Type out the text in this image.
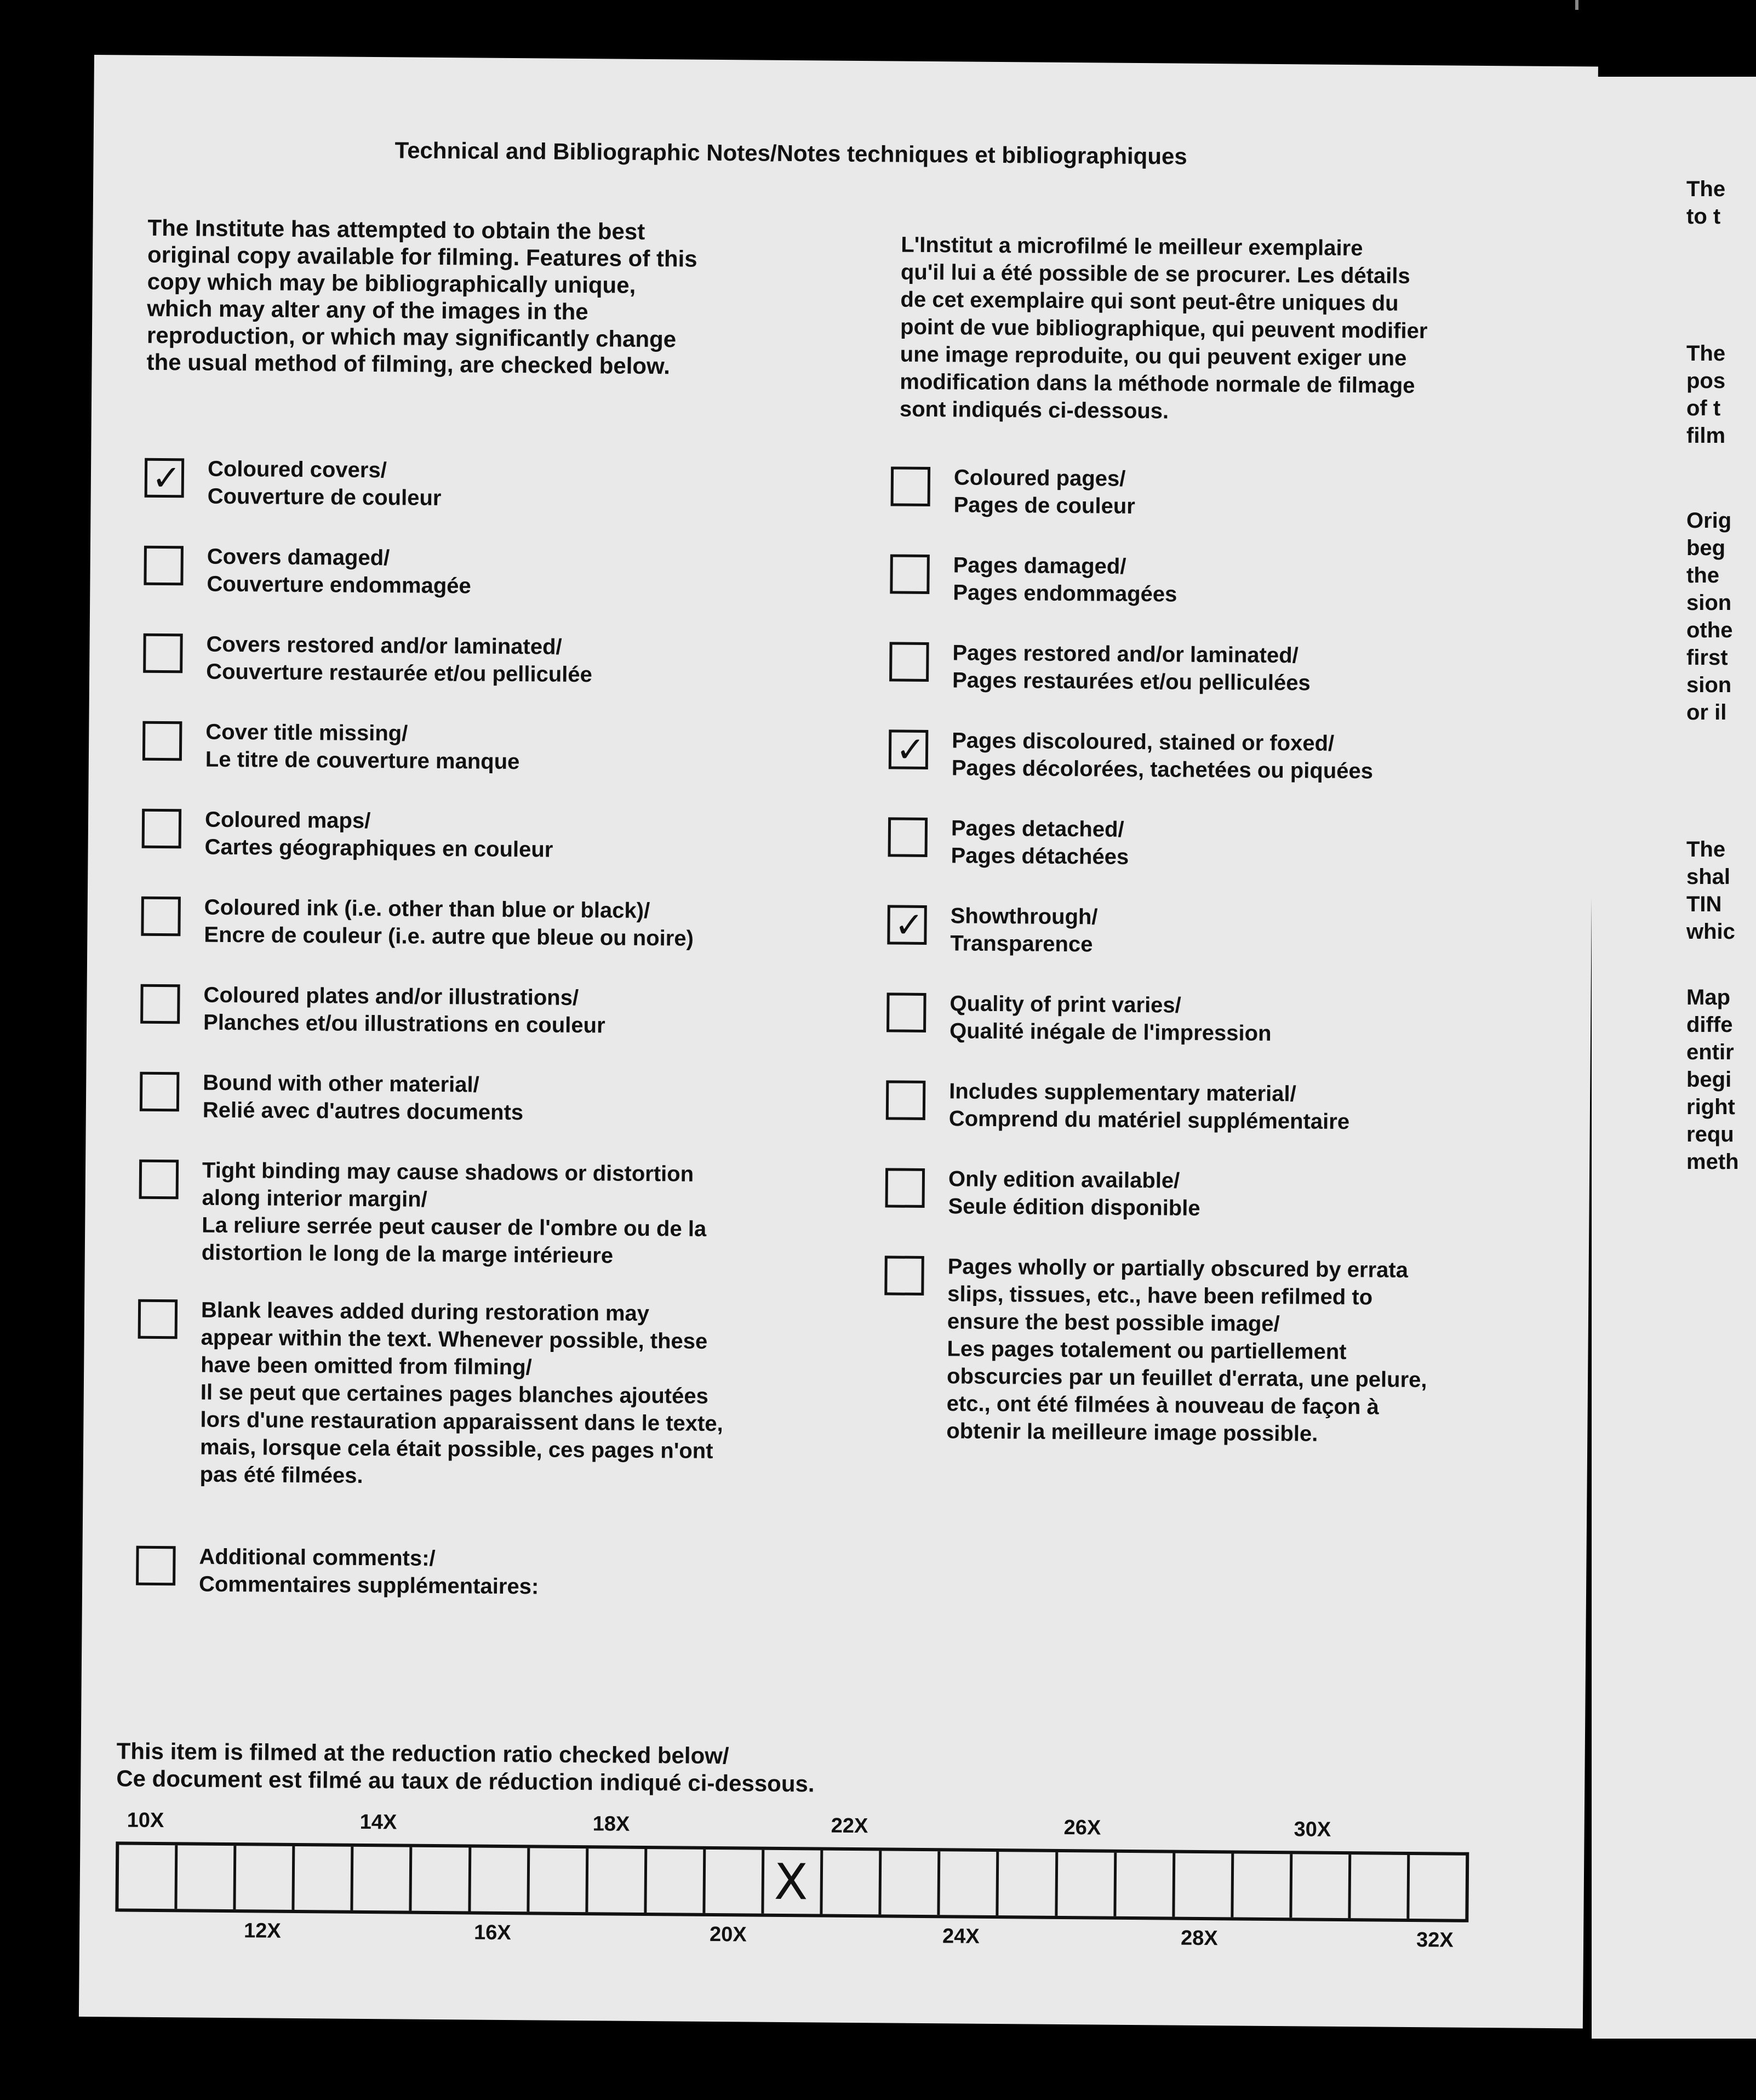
Technical and Bibliographic Notes/Notes techniques et bibliographiques
The Institute has attempted to obtain the best
original copy available for filming. Features of this
copy which may be bibliographically unique,
which may alter any of the images in the
reproduction, or which may significantly change
the usual method of filming, are checked below.
L'Institut a microfilmé le meilleur exemplaire
qu'il lui a été possible de se procurer. Les détails
de cet exemplaire qui sont peut-être uniques du
point de vue bibliographique, qui peuvent modifier
une image reproduite, ou qui peuvent exiger une
modification dans la méthode normale de filmage
sont indiqués ci-dessous.
✓ Coloured covers/
Couverture de couleur
Covers damaged/
Couverture endommagée
Covers restored and/or laminated/
Couverture restaurée et/ou pelliculée
Cover title missing/
Le titre de couverture manque
Coloured maps/
Cartes géographiques en couleur
Coloured ink (i.e. other than blue or black)/
Encre de couleur (i.e. autre que bleue ou noire)
Coloured plates and/or illustrations/
Planches et/ou illustrations en couleur
Bound with other material/
Relié avec d'autres documents
Tight binding may cause shadows or distortion
along interior margin/
La reliure serrée peut causer de l'ombre ou de la
distortion le long de la marge intérieure
Blank leaves added during restoration may
appear within the text. Whenever possible, these
have been omitted from filming/
Il se peut que certaines pages blanches ajoutées
lors d'une restauration apparaissent dans le texte,
mais, lorsque cela était possible, ces pages n'ont
pas été filmées.
Additional comments:/
Commentaires supplémentaires:
Coloured pages/
Pages de couleur
Pages damaged/
Pages endommagées
Pages restored and/or laminated/
Pages restaurées et/ou pelliculées
✓ Pages discoloured, stained or foxed/
Pages décolorées, tachetées ou piquées
Pages detached/
Pages détachées
✓ Showthrough/
Transparence
Quality of print varies/
Qualité inégale de l'impression
Includes supplementary material/
Comprend du matériel supplémentaire
Only edition available/
Seule édition disponible
Pages wholly or partially obscured by errata
slips, tissues, etc., have been refilmed to
ensure the best possible image/
Les pages totalement ou partiellement
obscurcies par un feuillet d'errata, une pelure,
etc., ont été filmées à nouveau de façon à
obtenir la meilleure image possible.
This item is filmed at the reduction ratio checked below/
Ce document est filmé au taux de réduction indiqué ci-dessous.
10X	14X	18X	22X	26X	30X
X
12X	16X	20X	24X	28X	32X
The
to t
The
pos
of t
film
Orig
beg
the
sion
othe
first
sion
or il
The
shal
TIN
whic
Map
diffe
entir
begi
right
requ
meth
